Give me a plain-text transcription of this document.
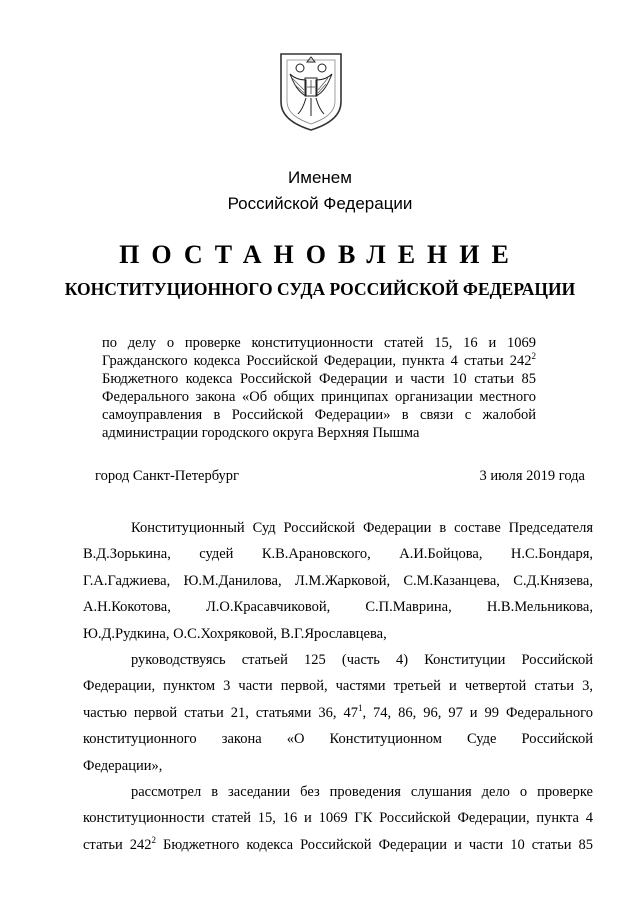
Именем
Российской Федерации
ПОСТАНОВЛЕНИЕ
КОНСТИТУЦИОННОГО СУДА РОССИЙСКОЙ ФЕДЕРАЦИИ
по делу о проверке конституционности статей 15, 16 и 1069
Гражданского кодекса Российской Федерации, пункта 4 статьи $242^2$
Бюджетного кодекса Российской Федерации и части 10 статьи 85
Федерального закона «Об общих принципах организации местного
самоуправления в Российской Федерации» в связи с жалобой
администрации городского округа Верхняя Пышма
город Санкт-Петербург	3 июля 2019 года
Конституционный Суд Российской Федерации в составе Председателя
В.Д.Зорькина, судей К.В.Арановского, А.И.Бойцова, Н.С.Бондаря,
Г.А.Гаджиева, Ю.М.Данилова, Л.М.Жарковой, С.М.Казанцева, С.Д.Князева,
А.Н.Кокотова, Л.О.Красавчиковой, С.П.Маврина, Н.В.Мельникова,
Ю.Д.Рудкина, О.С.Хохряковой, В.Г.Ярославцева,
руководствуясь статьей 125 (часть 4) Конституции Российской
Федерации, пунктом 3 части первой, частями третьей и четвертой статьи 3,
частью первой статьи 21, статьями 36, $47^1$, 74, 86, 96, 97 и 99 Федерального
конституционного закона «О Конституционном Суде Российской
Федерации»,
рассмотрел в заседании без проведения слушания дело о проверке
конституционности статей 15, 16 и 1069 ГК Российской Федерации, пункта 4
статьи $242^2$ Бюджетного кодекса Российской Федерации и части 10 статьи 85
